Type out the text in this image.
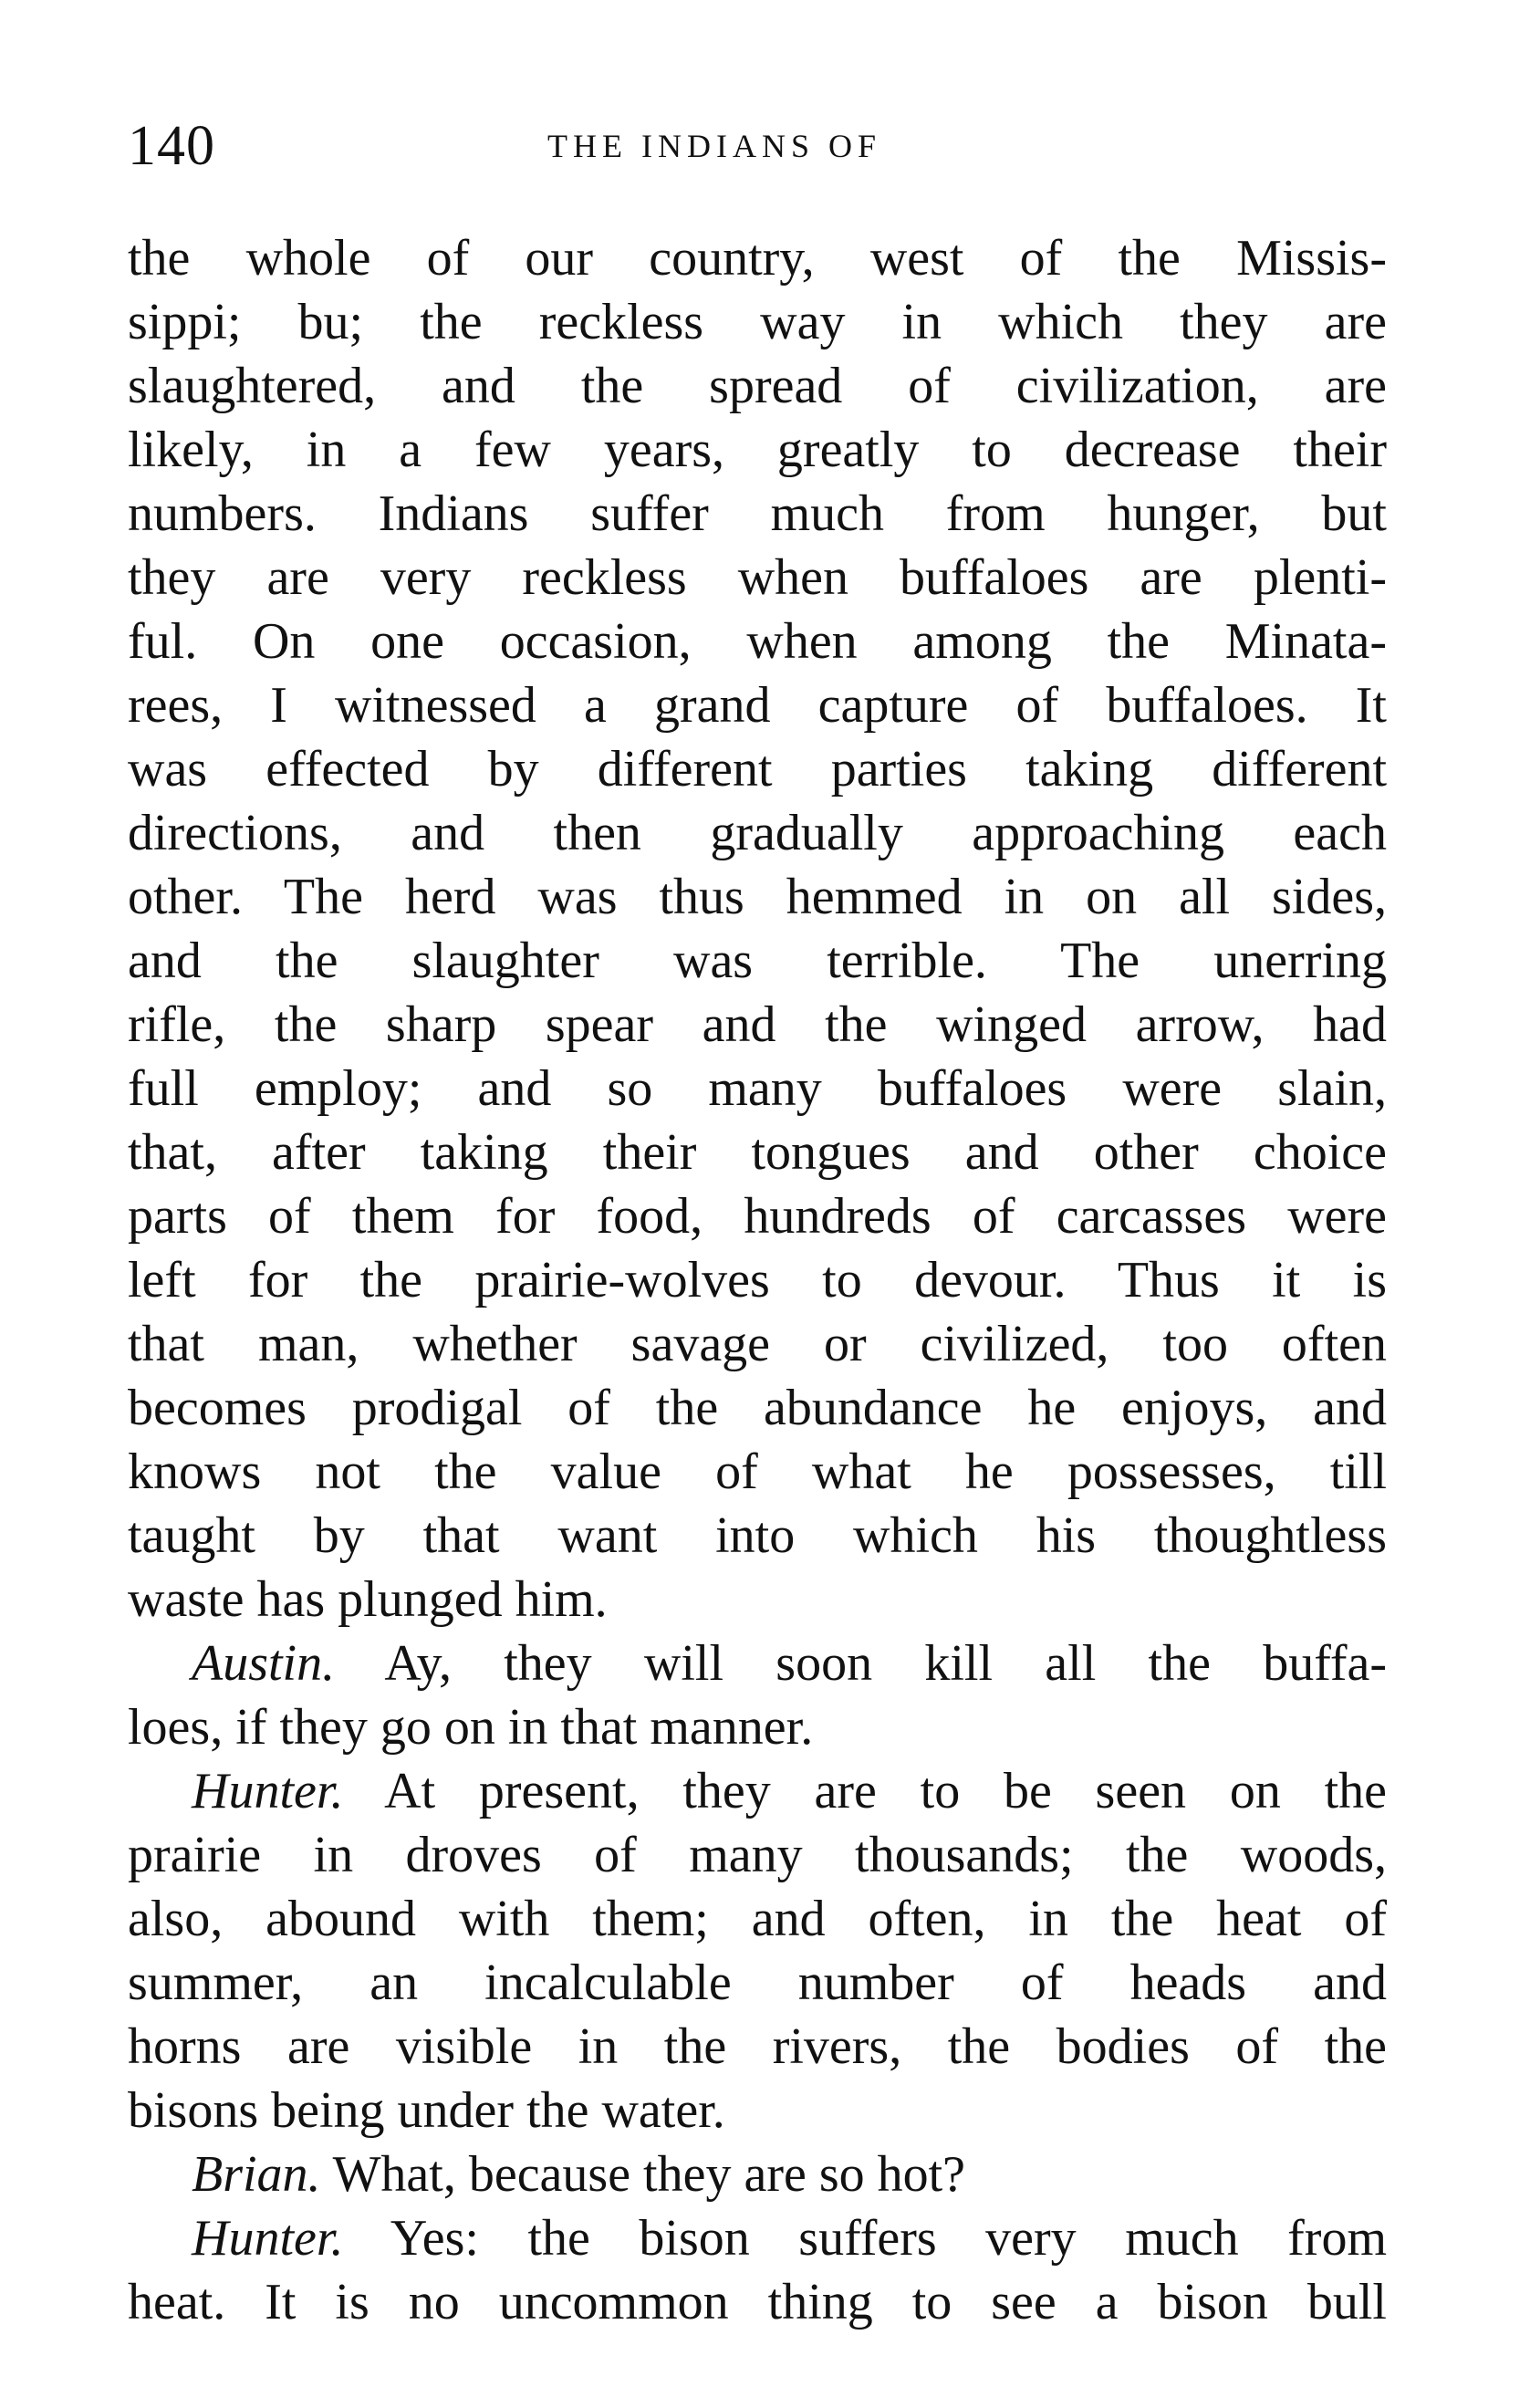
140	THE INDIANS OF
the whole of our country, west of the Missis-
sippi; bu; the reckless way in which they are
slaughtered, and the spread of civilization, are
likely, in a few years, greatly to decrease their
numbers. Indians suffer much from hunger, but
they are very reckless when buffaloes are plenti-
ful. On one occasion, when among the Minata-
rees, I witnessed a grand capture of buffaloes. It
was effected by different parties taking different
directions, and then gradually approaching each
other. The herd was thus hemmed in on all sides,
and the slaughter was terrible. The unerring
rifle, the sharp spear and the winged arrow, had
full employ; and so many buffaloes were slain,
that, after taking their tongues and other choice
parts of them for food, hundreds of carcasses were
left for the prairie-wolves to devour. Thus it is
that man, whether savage or civilized, too often
becomes prodigal of the abundance he enjoys, and
knows not the value of what he possesses, till
taught by that want into which his thoughtless
waste has plunged him.
Austin. Ay, they will soon kill all the buffa-
loes, if they go on in that manner.
Hunter. At present, they are to be seen on the
prairie in droves of many thousands; the woods,
also, abound with them; and often, in the heat of
summer, an incalculable number of heads and
horns are visible in the rivers, the bodies of the
bisons being under the water.
Brian. What, because they are so hot?
Hunter. Yes: the bison suffers very much from
heat. It is no uncommon thing to see a bison bull
